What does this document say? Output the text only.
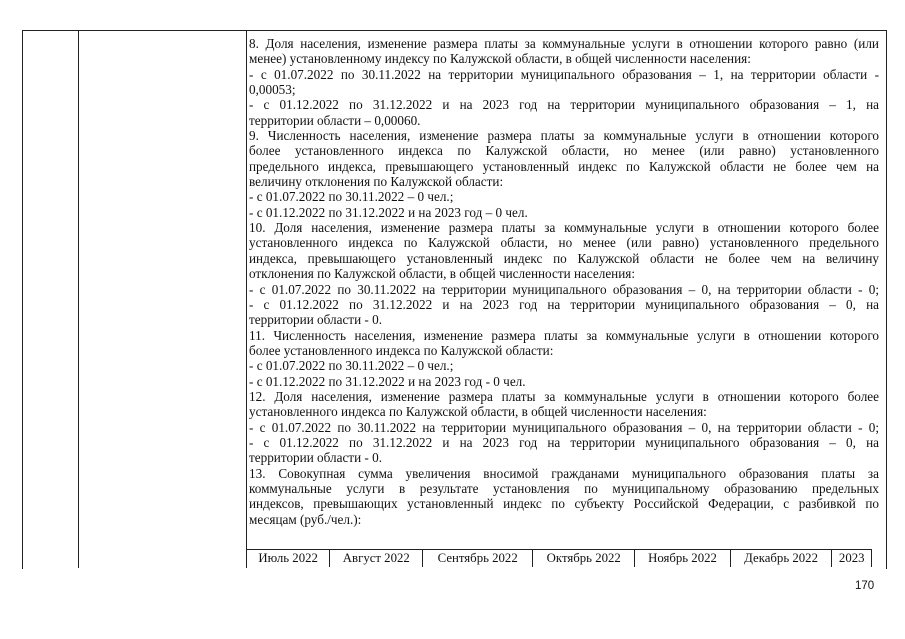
8. Доля населения, изменение размера платы за коммунальные услуги в отношении которого равно (или
менее) установленному индексу по Калужской области, в общей численности населения:
- с 01.07.2022 по 30.11.2022 на территории муниципального образования – 1, на территории области -
0,00053;
- с 01.12.2022 по 31.12.2022 и на 2023 год на территории муниципального образования – 1, на
территории области – 0,00060.
9. Численность населения, изменение размера платы за коммунальные услуги в отношении которого
более установленного индекса по Калужской области, но менее (или равно) установленного
предельного индекса, превышающего установленный индекс по Калужской области не более чем на
величину отклонения по Калужской области:
- с 01.07.2022 по 30.11.2022 – 0 чел.;
- с 01.12.2022 по 31.12.2022 и на 2023 год – 0 чел.
10. Доля населения, изменение размера платы за коммунальные услуги в отношении которого более
установленного индекса по Калужской области, но менее (или равно) установленного предельного
индекса, превышающего установленный индекс по Калужской области не более чем на величину
отклонения по Калужской области, в общей численности населения:
- с 01.07.2022 по 30.11.2022 на территории муниципального образования – 0, на территории области - 0;
- с 01.12.2022 по 31.12.2022 и на 2023 год на территории муниципального образования – 0, на
территории области - 0.
11. Численность населения, изменение размера платы за коммунальные услуги в отношении которого
более установленного индекса по Калужской области:
- с 01.07.2022 по 30.11.2022 – 0 чел.;
- с 01.12.2022 по 31.12.2022 и на 2023 год - 0 чел.
12. Доля населения, изменение размера платы за коммунальные услуги в отношении которого более
установленного индекса по Калужской области, в общей численности населения:
- с 01.07.2022 по 30.11.2022 на территории муниципального образования – 0, на территории области - 0;
- с 01.12.2022 по 31.12.2022 и на 2023 год на территории муниципального образования – 0, на
территории области - 0.
13. Совокупная сумма увеличения вносимой гражданами муниципального образования платы за
коммунальные услуги в результате установления по муниципальному образованию предельных
индексов, превышающих установленный индекс по субъекту Российской Федерации, с разбивкой по
месяцам (руб./чел.):
Июль 2022	Август 2022	Сентябрь 2022	Октябрь 2022	Ноябрь 2022	Декабрь 2022	2023
170
